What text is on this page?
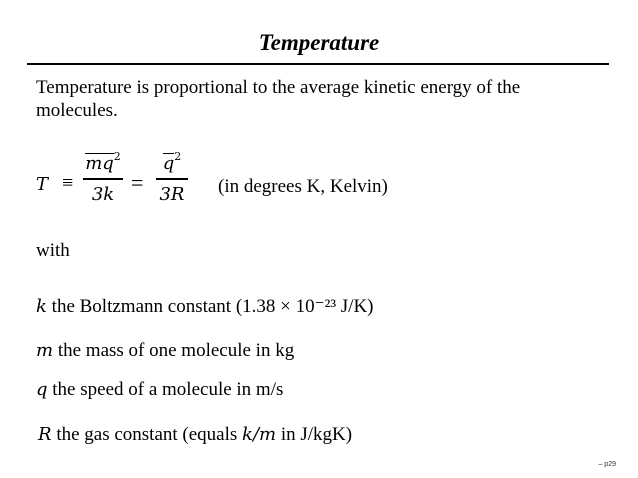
Temperature
Temperature is proportional to the average kinetic energy of the molecules.
T ≡
$mq^2$
3k =
$q^2$
3R (in degrees K, Kelvin)
with
k the Boltzmann constant (1.38 × 10⁻²³ J/K)
m the mass of one molecule in kg
q the speed of a molecule in m/s
R the gas constant (equals k/m in J/kgK)
– p29
